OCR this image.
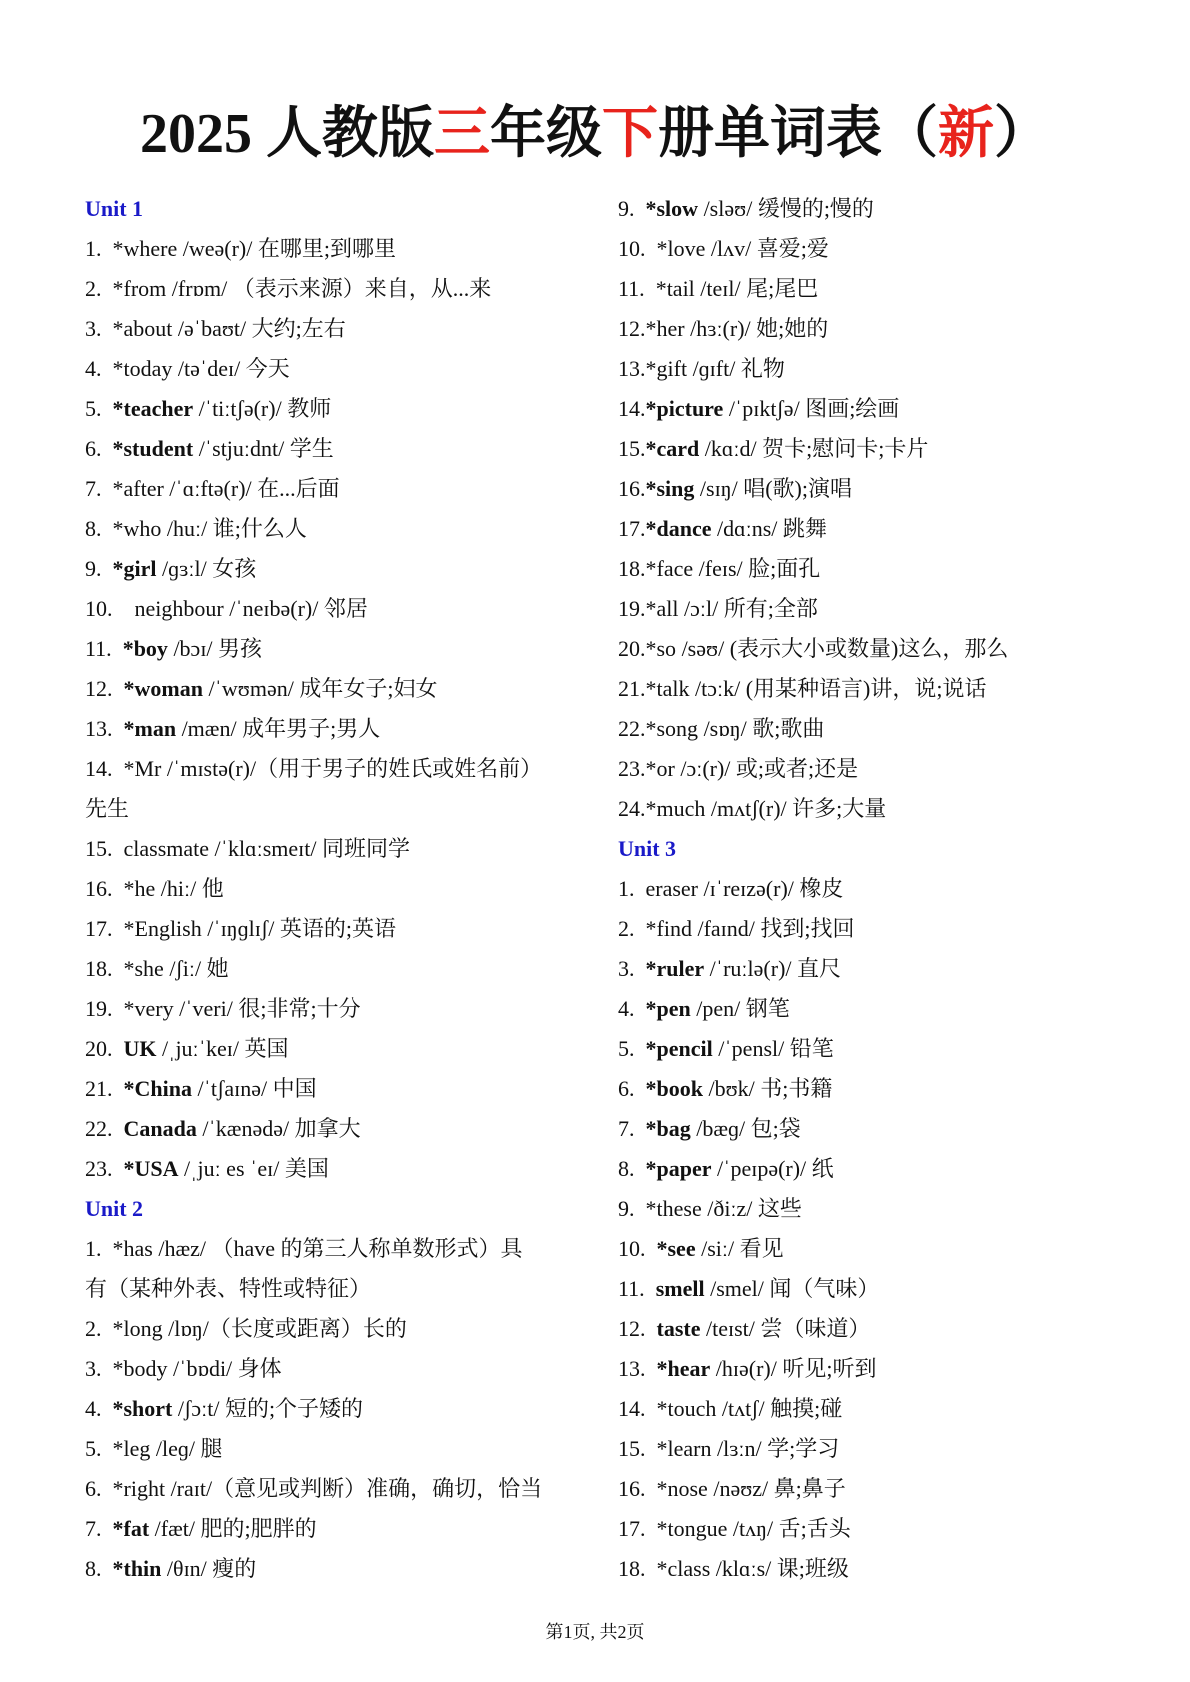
2025 人教版三年级下册单词表（新）
Unit 1
1. *where /weə(r)/ 在哪里;到哪里
2. *from /frɒm/ （表示来源）来自，从...来
3. *about /əˈbaʊt/ 大约;左右
4. *today /təˈdeɪ/ 今天
5. *teacher /ˈtiːtʃə(r)/ 教师
6. *student /ˈstjuːdnt/ 学生
7. *after /ˈɑːftə(r)/ 在...后面
8. *who /huː/ 谁;什么人
9. *girl /ɡɜːl/ 女孩
10. neighbour /ˈneɪbə(r)/ 邻居
11. *boy /bɔɪ/ 男孩
12. *woman /ˈwʊmən/ 成年女子;妇女
13. *man /mæn/ 成年男子;男人
14. *Mr /ˈmɪstə(r)/（用于男子的姓氏或姓名前）
先生
15. classmate /ˈklɑːsmeɪt/ 同班同学
16. *he /hiː/ 他
17. *English /ˈɪŋɡlɪʃ/ 英语的;英语
18. *she /ʃiː/ 她
19. *very /ˈveri/ 很;非常;十分
20. UK /ˌjuːˈkeɪ/ 英国
21. *China /ˈtʃaɪnə/ 中国
22. Canada /ˈkænədə/ 加拿大
23. *USA /ˌjuː es ˈeɪ/ 美国
Unit 2
1. *has /hæz/ （have 的第三人称单数形式）具
有（某种外表、特性或特征）
2. *long /lɒŋ/（长度或距离）长的
3. *body /ˈbɒdi/ 身体
4. *short /ʃɔːt/ 短的;个子矮的
5. *leg /leɡ/ 腿
6. *right /raɪt/（意见或判断）准确，确切，恰当
7. *fat /fæt/ 肥的;肥胖的
8. *thin /θɪn/ 瘦的
9. *slow /sləʊ/ 缓慢的;慢的
10. *love /lʌv/ 喜爱;爱
11. *tail /teɪl/ 尾;尾巴
12.*her /hɜː(r)/ 她;她的
13.*gift /ɡɪft/ 礼物
14.*picture /ˈpɪktʃə/ 图画;绘画
15.*card /kɑːd/ 贺卡;慰问卡;卡片
16.*sing /sɪŋ/ 唱(歌);演唱
17.*dance /dɑːns/ 跳舞
18.*face /feɪs/ 脸;面孔
19.*all /ɔːl/ 所有;全部
20.*so /səʊ/ (表示大小或数量)这么，那么
21.*talk /tɔːk/ (用某种语言)讲，说;说话
22.*song /sɒŋ/ 歌;歌曲
23.*or /ɔː(r)/ 或;或者;还是
24.*much /mʌtʃ(r)/ 许多;大量
Unit 3
1. eraser /ɪˈreɪzə(r)/ 橡皮
2. *find /faɪnd/ 找到;找回
3. *ruler /ˈruːlə(r)/ 直尺
4. *pen /pen/ 钢笔
5. *pencil /ˈpensl/ 铅笔
6. *book /bʊk/ 书;书籍
7. *bag /bæɡ/ 包;袋
8. *paper /ˈpeɪpə(r)/ 纸
9. *these /ðiːz/ 这些
10. *see /siː/ 看见
11. smell /smel/ 闻（气味）
12. taste /teɪst/ 尝（味道）
13. *hear /hɪə(r)/ 听见;听到
14. *touch /tʌtʃ/ 触摸;碰
15. *learn /lɜːn/ 学;学习
16. *nose /nəʊz/ 鼻;鼻子
17. *tongue /tʌŋ/ 舌;舌头
18. *class /klɑːs/ 课;班级
第1页, 共2页
